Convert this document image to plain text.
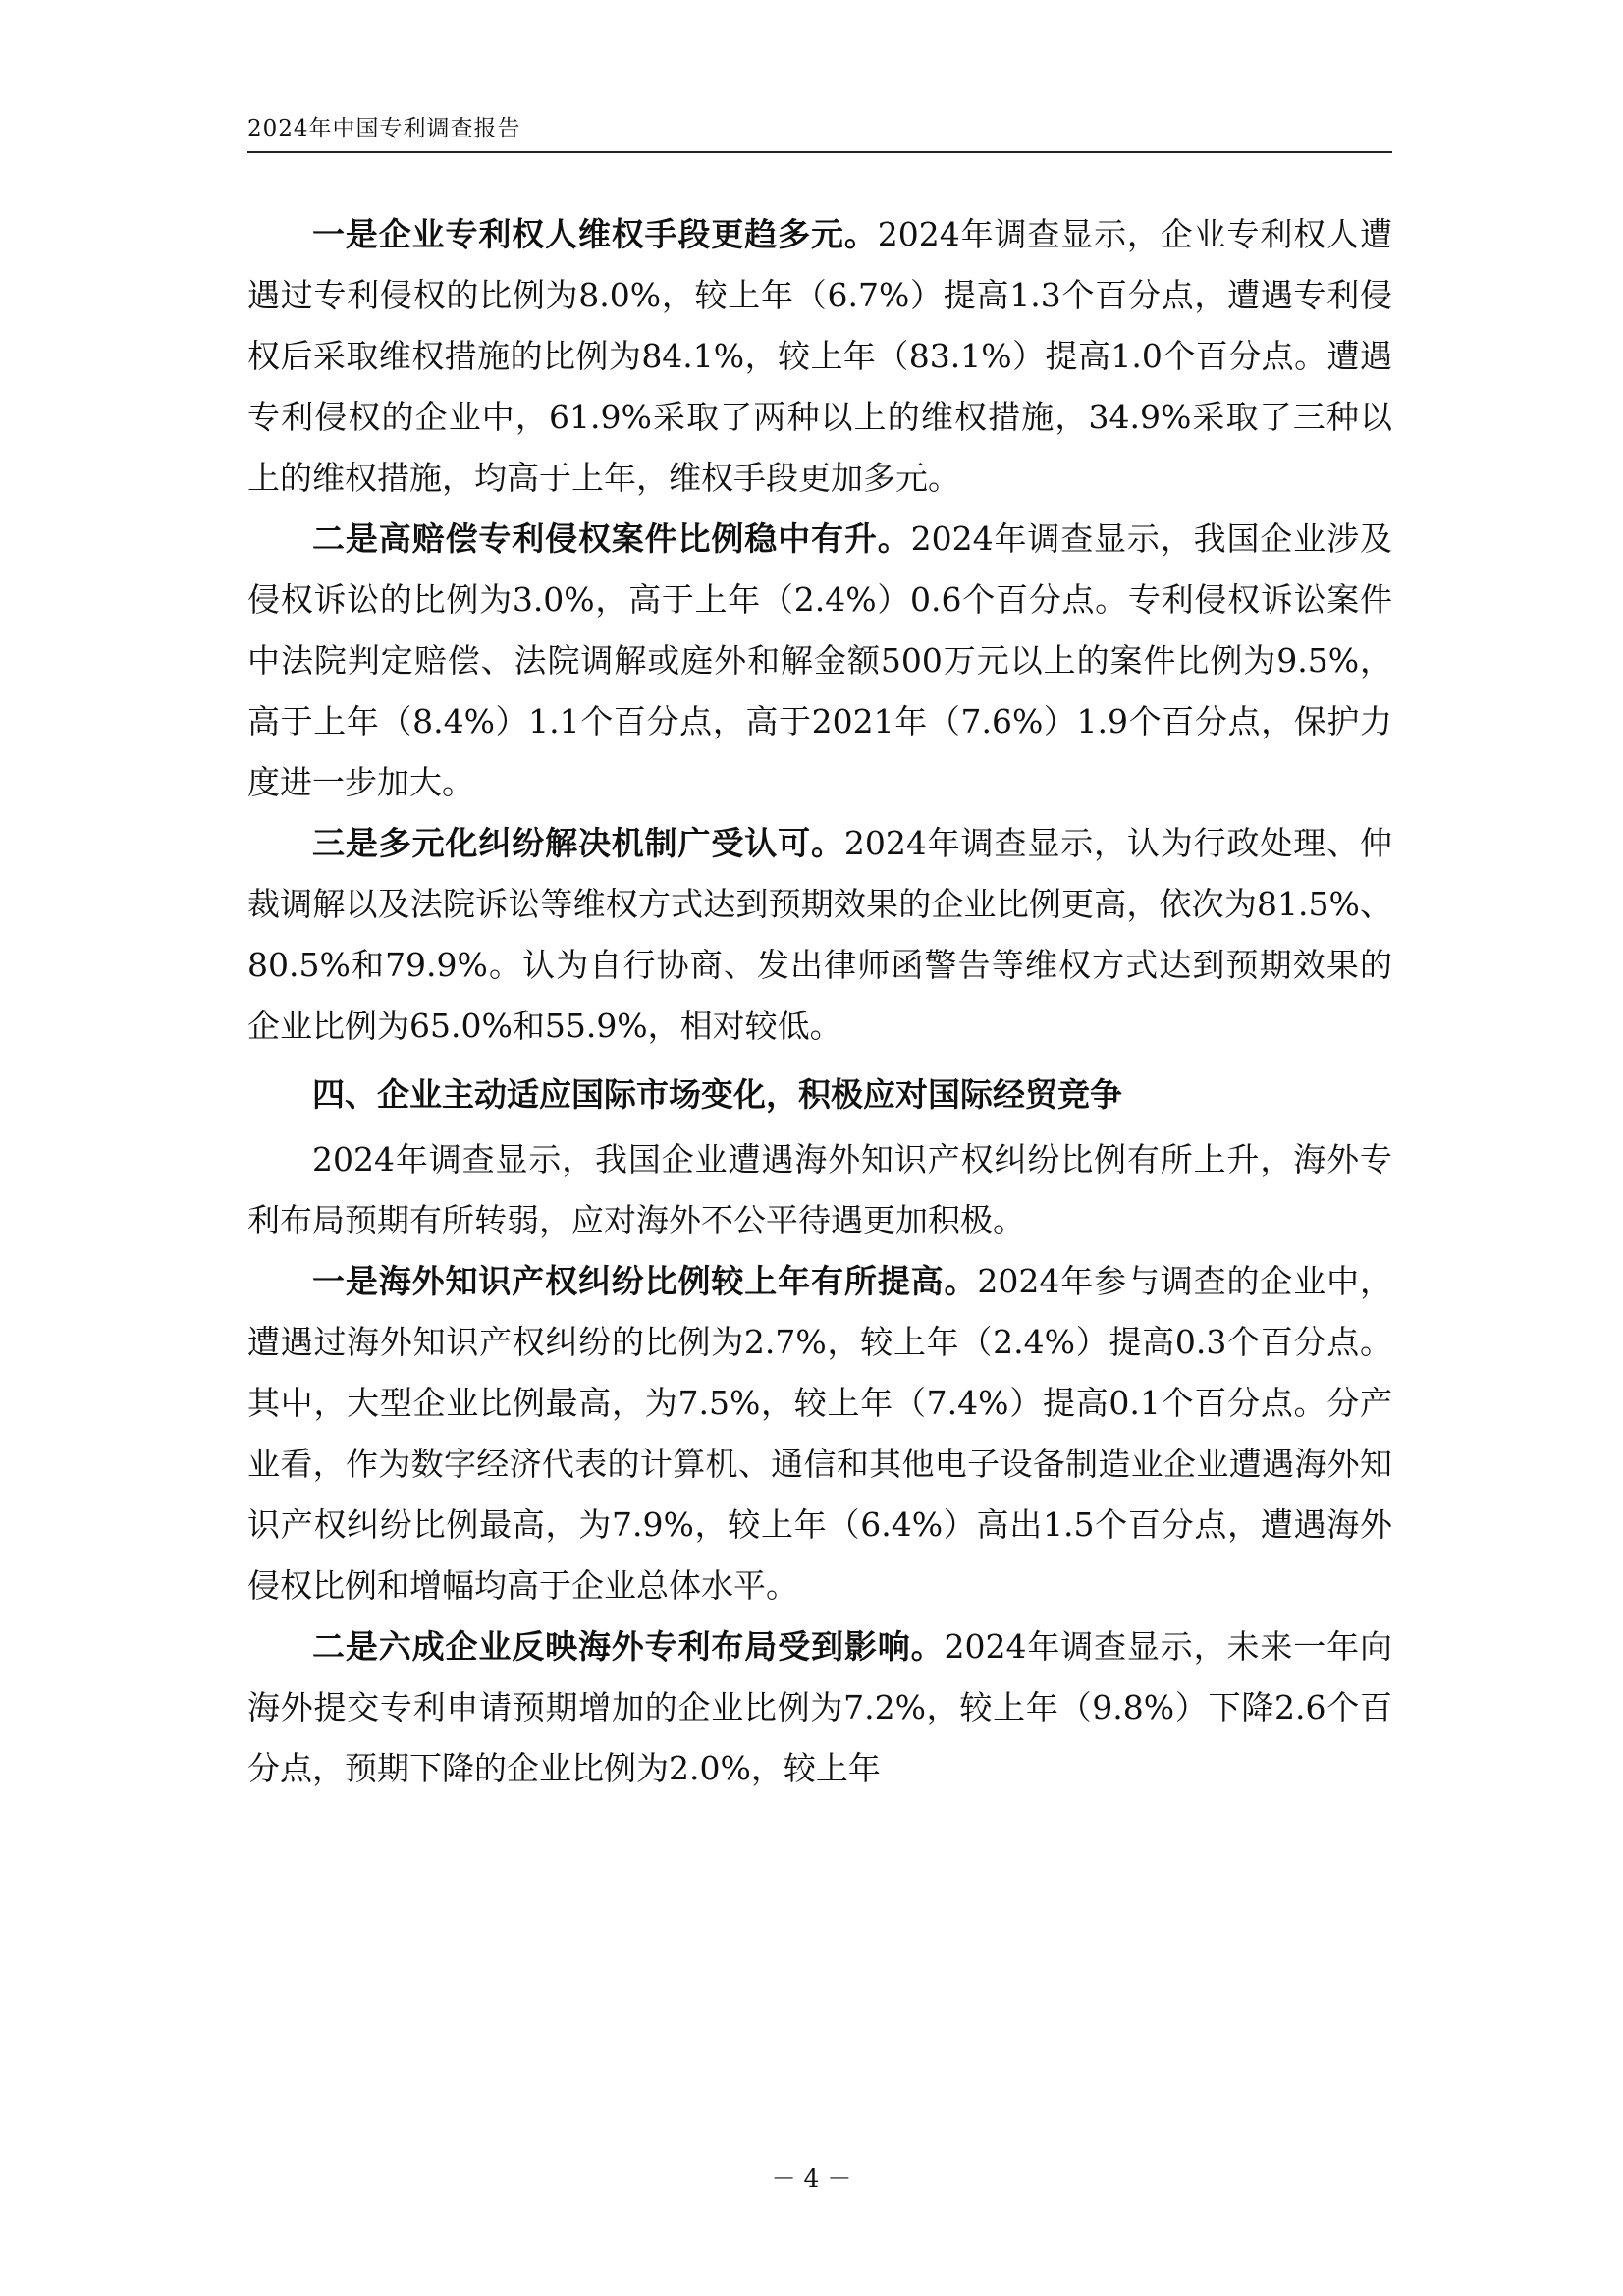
2024年中国专利调查报告

一是企业专利权人维权手段更趋多元。2024年调查显示，企业专利权人遭遇过专利侵权的比例为8.0%，较上年（6.7%）提高1.3个百分点，遭遇专利侵权后采取维权措施的比例为84.1%，较上年（83.1%）提高1.0个百分点。遭遇专利侵权的企业中，61.9%采取了两种以上的维权措施，34.9%采取了三种以上的维权措施，均高于上年，维权手段更加多元。

二是高赔偿专利侵权案件比例稳中有升。2024年调查显示，我国企业涉及侵权诉讼的比例为3.0%，高于上年（2.4%）0.6个百分点。专利侵权诉讼案件中法院判定赔偿、法院调解或庭外和解金额500万元以上的案件比例为9.5%，高于上年（8.4%）1.1个百分点，高于2021年（7.6%）1.9个百分点，保护力度进一步加大。

三是多元化纠纷解决机制广受认可。2024年调查显示，认为行政处理、仲裁调解以及法院诉讼等维权方式达到预期效果的企业比例更高，依次为81.5%、80.5%和79.9%。认为自行协商、发出律师函警告等维权方式达到预期效果的企业比例为65.0%和55.9%，相对较低。

四、企业主动适应国际市场变化，积极应对国际经贸竞争

2024年调查显示，我国企业遭遇海外知识产权纠纷比例有所上升，海外专利布局预期有所转弱，应对海外不公平待遇更加积极。

一是海外知识产权纠纷比例较上年有所提高。2024年参与调查的企业中，遭遇过海外知识产权纠纷的比例为2.7%，较上年（2.4%）提高0.3个百分点。其中，大型企业比例最高，为7.5%，较上年（7.4%）提高0.1个百分点。分产业看，作为数字经济代表的计算机、通信和其他电子设备制造业企业遭遇海外知识产权纠纷比例最高，为7.9%，较上年（6.4%）高出1.5个百分点，遭遇海外侵权比例和增幅均高于企业总体水平。

二是六成企业反映海外专利布局受到影响。2024年调查显示，未来一年向海外提交专利申请预期增加的企业比例为7.2%，较上年（9.8%）下降2.6个百分点，预期下降的企业比例为2.0%，较上年

－ 4 －
